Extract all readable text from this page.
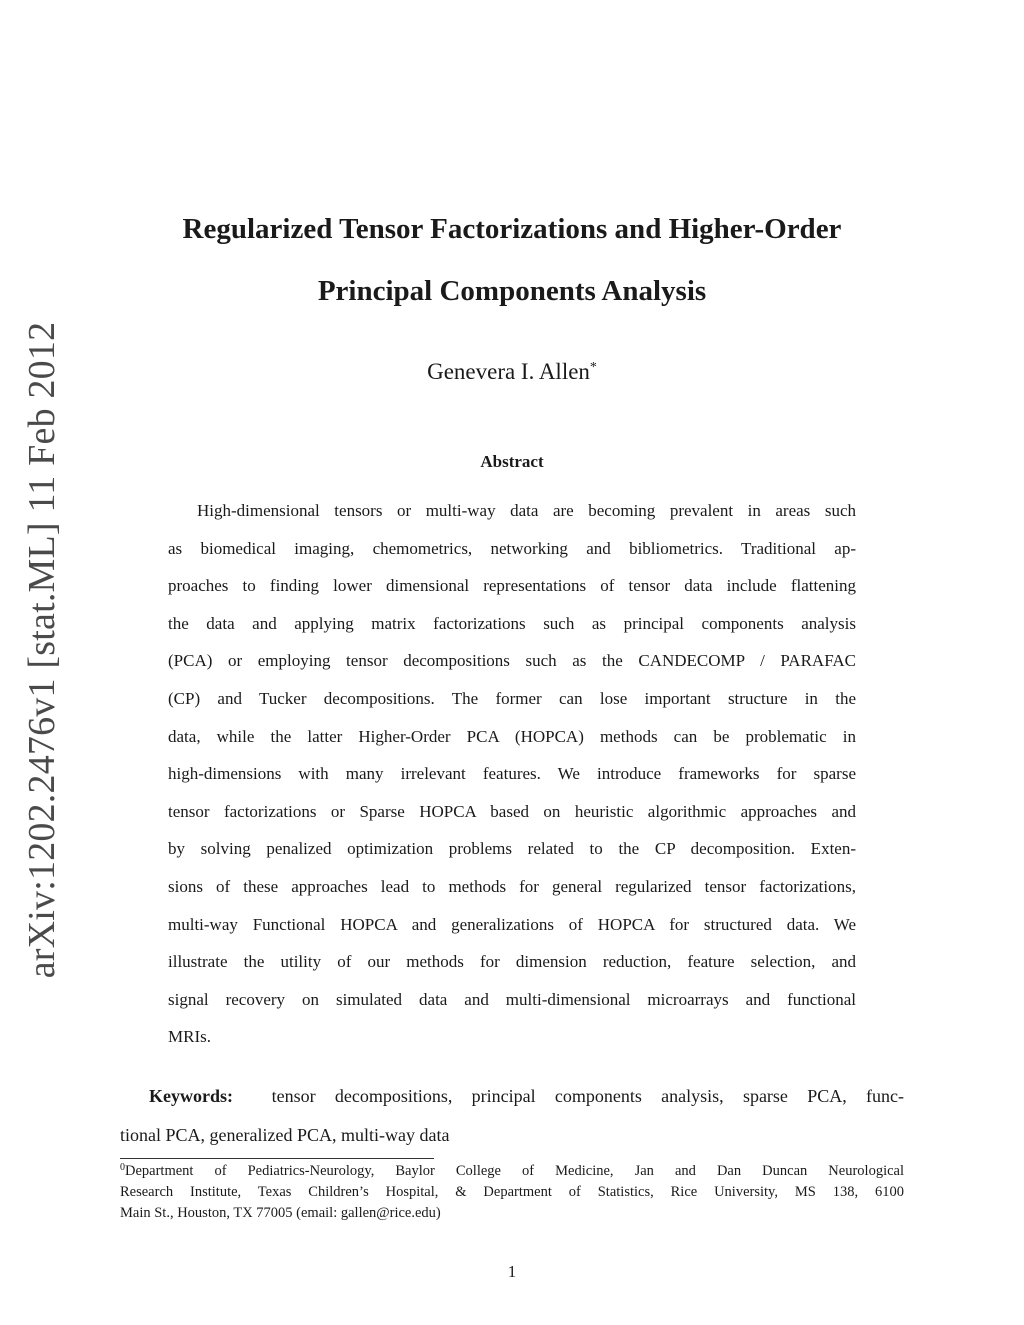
arXiv:1202.2476v1 [stat.ML] 11 Feb 2012
Regularized Tensor Factorizations and Higher-Order
Principal Components Analysis
Genevera I. Allen*
Abstract
High-dimensional tensors or multi-way data are becoming prevalent in areas such
as biomedical imaging, chemometrics, networking and bibliometrics. Traditional ap-
proaches to finding lower dimensional representations of tensor data include flattening
the data and applying matrix factorizations such as principal components analysis
(PCA) or employing tensor decompositions such as the CANDECOMP / PARAFAC
(CP) and Tucker decompositions. The former can lose important structure in the
data, while the latter Higher-Order PCA (HOPCA) methods can be problematic in
high-dimensions with many irrelevant features. We introduce frameworks for sparse
tensor factorizations or Sparse HOPCA based on heuristic algorithmic approaches and
by solving penalized optimization problems related to the CP decomposition. Exten-
sions of these approaches lead to methods for general regularized tensor factorizations,
multi-way Functional HOPCA and generalizations of HOPCA for structured data. We
illustrate the utility of our methods for dimension reduction, feature selection, and
signal recovery on simulated data and multi-dimensional microarrays and functional
MRIs.
Keywords: tensor decompositions, principal components analysis, sparse PCA, func-
tional PCA, generalized PCA, multi-way data
$^0$Department of Pediatrics-Neurology, Baylor College of Medicine, Jan and Dan Duncan Neurological
Research Institute, Texas Children’s Hospital, & Department of Statistics, Rice University, MS 138, 6100
Main St., Houston, TX 77005 (email: gallen@rice.edu)
1
